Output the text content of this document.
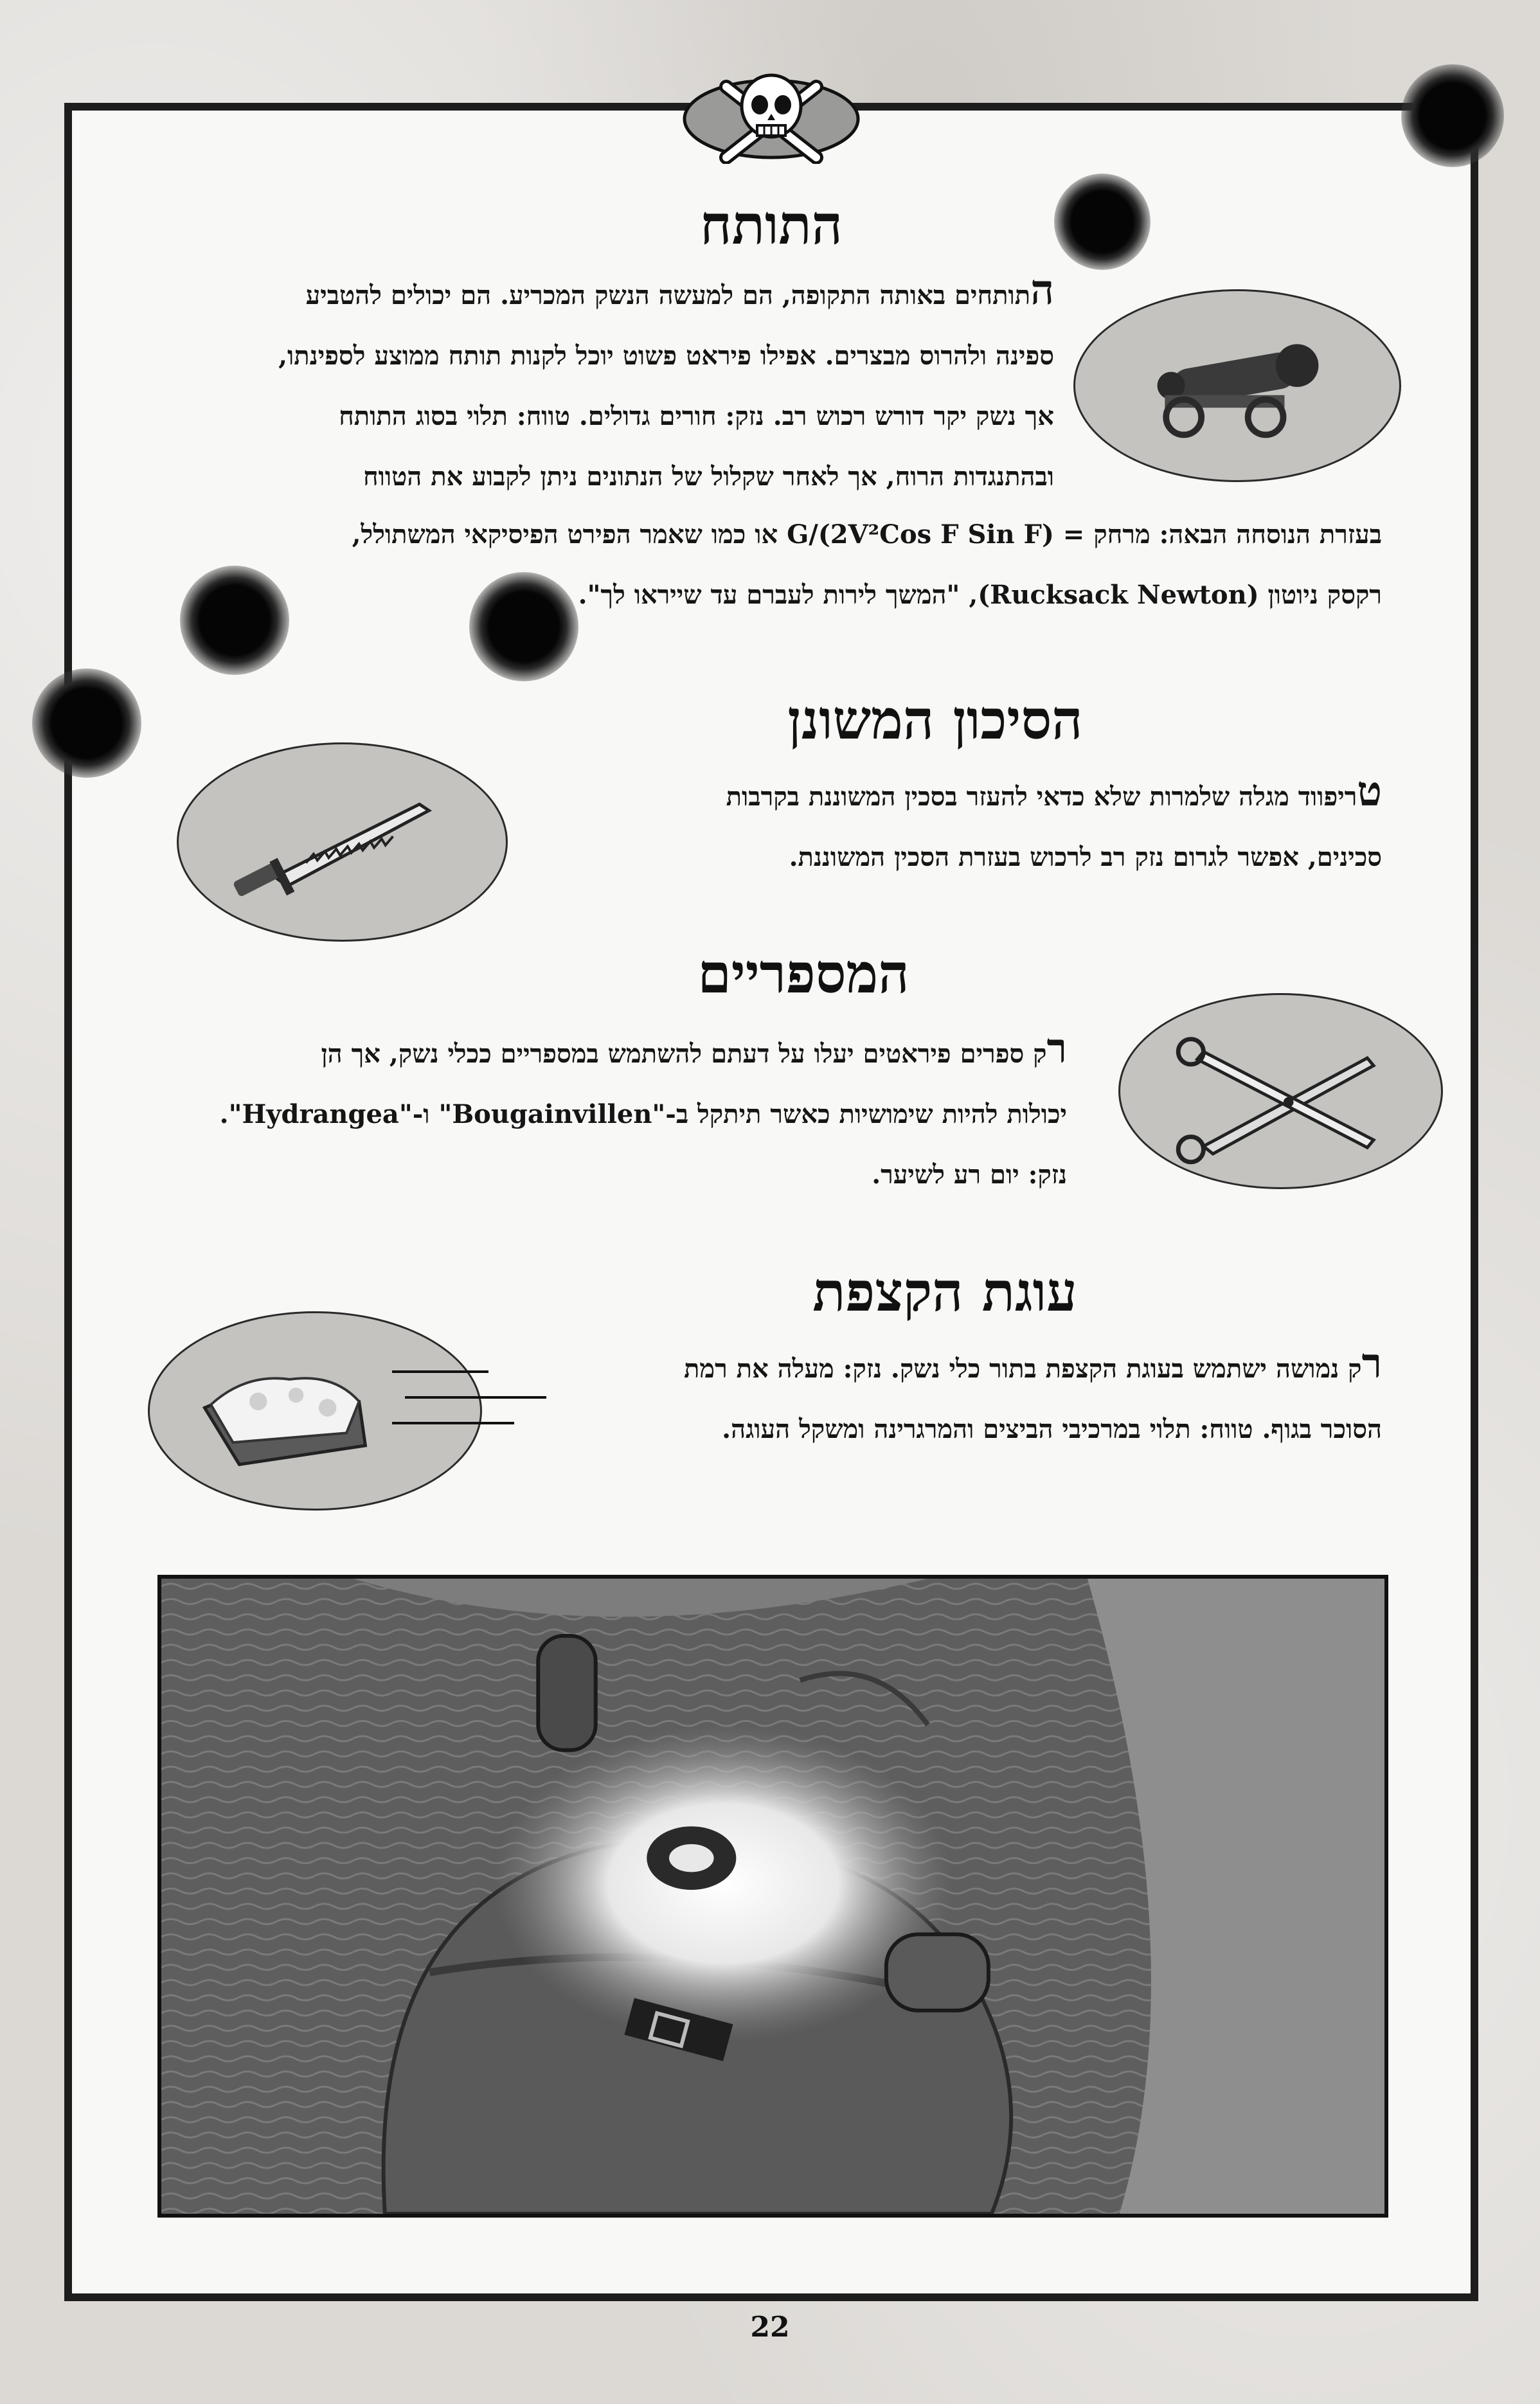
התותח

התותחים באותה התקופה, הם למעשה הנשק המכריע. הם יכולים להטביע

ספינה ולהרוס מבצרים. אפילו פיראט פשוט יוכל לקנות תותח ממוצע לספינתו,

אך נשק יקר דורש רכוש רב. נזק: חורים גדולים. טווח: תלוי בסוג התותח

ובהתנגדות הרוח, אך לאחר שקלול של הנתונים ניתן לקבוע את הטווח

בעזרת הנוסחה הבאה: מרחק = (2V²Cos F Sin F)/G או כמו שאמר הפירט הפיסיקאי המשתולל,

רקסק ניוטון (Rucksack Newton), "המשך לירות לעברם עד שייראו לך".

הסיכון המשונן

טריפווד מגלה שלמרות שלא כדאי להעזר בסכין המשוננת בקרבות

סכינים, אפשר לגרום נזק רב לרכוש בעזרת הסכין המשוננת.

המספריים

רק ספרים פיראטים יעלו על דעתם להשתמש במספריים ככלי נשק, אך הן

יכולות להיות שימושיות כאשר תיתקל ב-"Bougainvillen" ו-"Hydrangea".

נזק: יום רע לשיער.

עוגת הקצפת

רק נמושה ישתמש בעוגת הקצפת בתור כלי נשק. נזק: מעלה את רמת

הסוכר בגוף. טווח: תלוי במרכיבי הביצים והמרגרינה ומשקל העוגה.

22
